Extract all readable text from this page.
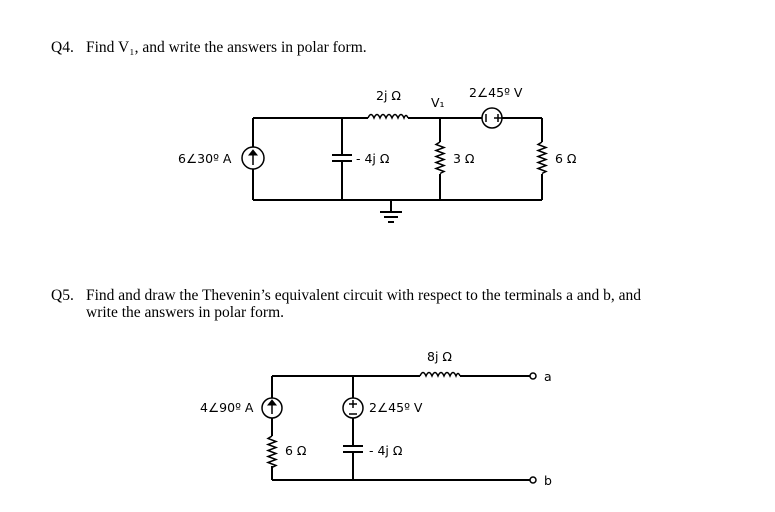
Q4. Find V₁, and write the answers in polar form.
Q5. Find and draw the Thevenin’s equivalent circuit with respect to the terminals a and b, and
write the answers in polar form.
6∠30º A
2j Ω
- 4j Ω
V₁
2∠45º V
3 Ω	6 Ω
8j Ω
a
b
4∠90º A
6 Ω
2∠45º V
- 4j Ω
